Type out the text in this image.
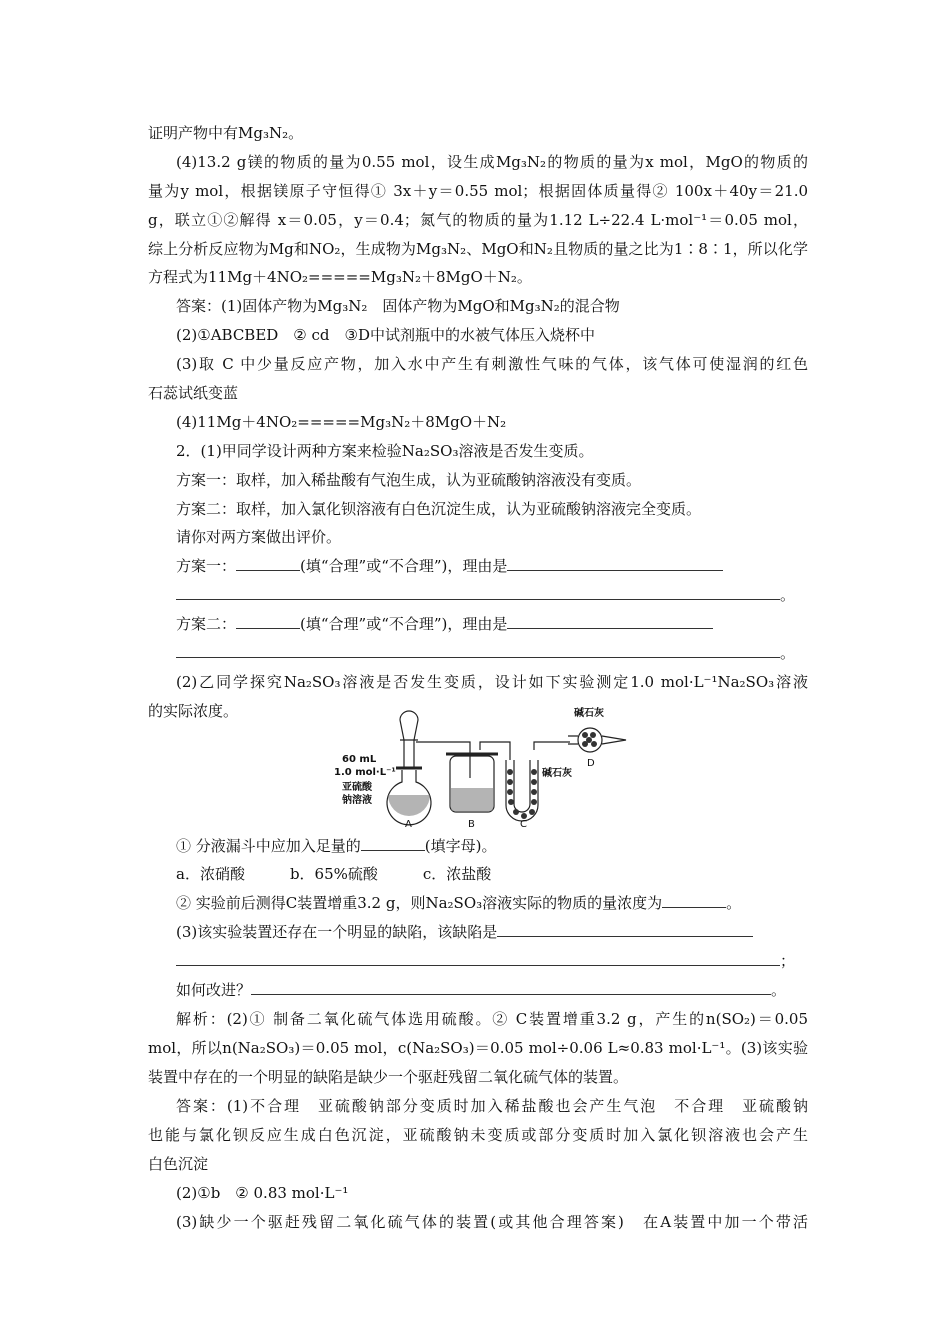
证明产物中有Mg₃N₂。
(4)13.2 g镁的物质的量为0.55 mol，设生成Mg₃N₂的物质的量为x mol，MgO的物质的
量为y mol，根据镁原子守恒得① 3x＋y＝0.55 mol；根据固体质量得② 100x＋40y＝21.0
g，联立①②解得 x＝0.05，y＝0.4；氮气的物质的量为1.12 L÷22.4 L·mol⁻¹＝0.05 mol，
综上分析反应物为Mg和NO₂，生成物为Mg₃N₂、MgO和N₂且物质的量之比为1∶8∶1，所以化学
方程式为11Mg＋4NO₂=====Mg₃N₂＋8MgO＋N₂。
答案：(1)固体产物为Mg₃N₂　固体产物为MgO和Mg₃N₂的混合物
(2)①ABCBED　② cd　③D中试剂瓶中的水被气体压入烧杯中
(3)取 C 中少量反应产物，加入水中产生有刺激性气味的气体，该气体可使湿润的红色
石蕊试纸变蓝
(4)11Mg＋4NO₂=====Mg₃N₂＋8MgO＋N₂
2．(1)甲同学设计两种方案来检验Na₂SO₃溶液是否发生变质。
方案一：取样，加入稀盐酸有气泡生成，认为亚硫酸钠溶液没有变质。
方案二：取样，加入氯化钡溶液有白色沉淀生成，认为亚硫酸钠溶液完全变质。
请你对两方案做出评价。
方案一：	(填“合理”或“不合理”)，理由是
。
方案二：	(填“合理”或“不合理”)，理由是
。
(2)乙同学探究Na₂SO₃溶液是否发生变质，设计如下实验测定1.0 mol·L⁻¹Na₂SO₃溶液
的实际浓度。
60 mL
1.0 mol·L⁻¹
亚硫酸
钠溶液
碱石灰
碱石灰
A	B	C
D
① 分液漏斗中应加入足量的	(填字母)。
a．浓硝酸　　　b．65%硫酸　　　c．浓盐酸
② 实验前后测得C装置增重3.2 g，则Na₂SO₃溶液实际的物质的量浓度为	。
(3)该实验装置还存在一个明显的缺陷，该缺陷是
；
如何改进？	。
解析：(2)① 制备二氧化硫气体选用硫酸。② C装置增重3.2 g，产生的n(SO₂)＝0.05
mol，所以n(Na₂SO₃)＝0.05 mol，c(Na₂SO₃)＝0.05 mol÷0.06 L≈0.83 mol·L⁻¹。(3)该实验
装置中存在的一个明显的缺陷是缺少一个驱赶残留二氧化硫气体的装置。
答案：(1)不合理　亚硫酸钠部分变质时加入稀盐酸也会产生气泡　不合理　亚硫酸钠
也能与氯化钡反应生成白色沉淀，亚硫酸钠未变质或部分变质时加入氯化钡溶液也会产生
白色沉淀
(2)①b　② 0.83 mol·L⁻¹
(3)缺少一个驱赶残留二氧化硫气体的装置(或其他合理答案)　在A装置中加一个带活
